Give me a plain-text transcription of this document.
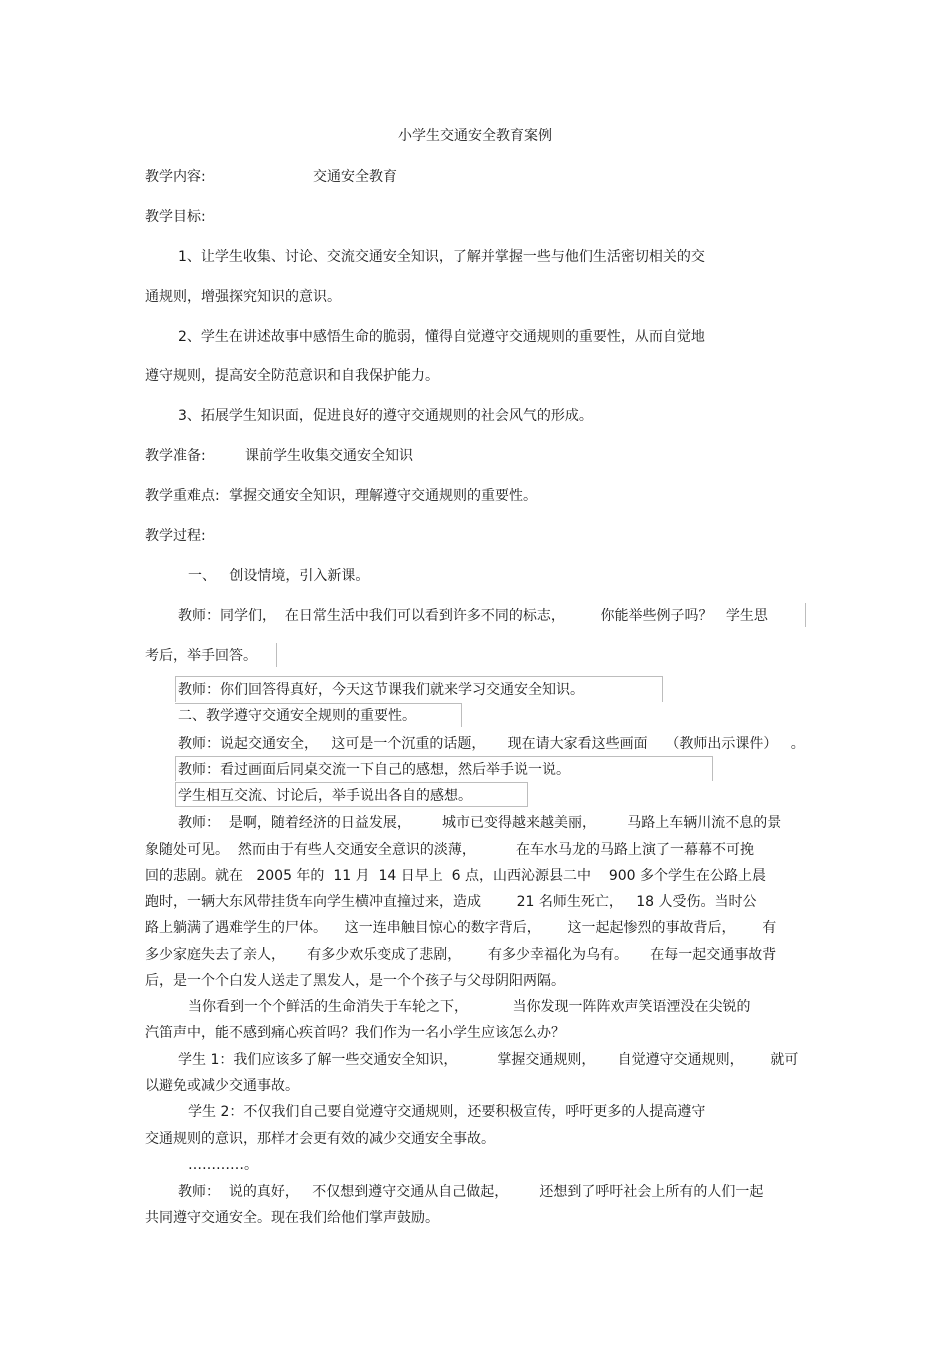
小学生交通安全教育案例
教学内容:	交通安全教育
教学目标:
1、让学生收集、讨论、交流交通安全知识，了解并掌握一些与他们生活密切相关的交
通规则，增强探究知识的意识。
2、学生在讲述故事中感悟生命的脆弱，懂得自觉遵守交通规则的重要性，从而自觉地
遵守规则，提高安全防范意识和自我保护能力。
3、拓展学生知识面，促进良好的遵守交通规则的社会风气的形成。
教学准备:	课前学生收集交通安全知识
教学重难点: 掌握交通安全知识，理解遵守交通规则的重要性。
教学过程:
一、   创设情境，引入新课。
教师：同学们，  在日常生活中我们可以看到许多不同的标志，        你能举些例子吗？   学生思
考后，举手回答。
教师：你们回答得真好，今天这节课我们就来学习交通安全知识。
二、教学遵守交通安全规则的重要性。
教师：说起交通安全，   这可是一个沉重的话题，     现在请大家看这些画面    （教师出示课件）   。
教师：看过画面后同桌交流一下自己的感想，然后举手说一说。
学生相互交流、讨论后，举手说出各自的感想。
教师：  是啊，随着经济的日益发展，       城市已变得越来越美丽，       马路上车辆川流不息的景
象随处可见。  然而由于有些人交通安全意识的淡薄，         在车水马龙的马路上演了一幕幕不可挽
回的悲剧。就在   2005 年的  11 月  14 日早上  6 点，山西沁源县二中    900 多个学生在公路上晨
跑时，一辆大东风带挂货车向学生横冲直撞过来，造成        21 名师生死亡，   18 人受伤。当时公
路上躺满了遇难学生的尸体。    这一连串触目惊心的数字背后，      这一起起惨烈的事故背后，      有
多少家庭失去了亲人，     有多少欢乐变成了悲剧，      有多少幸福化为乌有。     在每一起交通事故背
后，是一个个白发人送走了黑发人，是一个个孩子与父母阴阳两隔。
当你看到一个个鲜活的生命消失于车轮之下，          当你发现一阵阵欢声笑语湮没在尖锐的
汽笛声中，能不感到痛心疾首吗？我们作为一名小学生应该怎么办？
学生 1：我们应该多了解一些交通安全知识，         掌握交通规则，     自觉遵守交通规则，      就可
以避免或减少交通事故。
学生 2：不仅我们自己要自觉遵守交通规则，还要积极宣传，呼吁更多的人提高遵守
交通规则的意识，那样才会更有效的减少交通安全事故。
…………。
教师：  说的真好，   不仅想到遵守交通从自己做起，       还想到了呼吁社会上所有的人们一起
共同遵守交通安全。现在我们给他们掌声鼓励。
